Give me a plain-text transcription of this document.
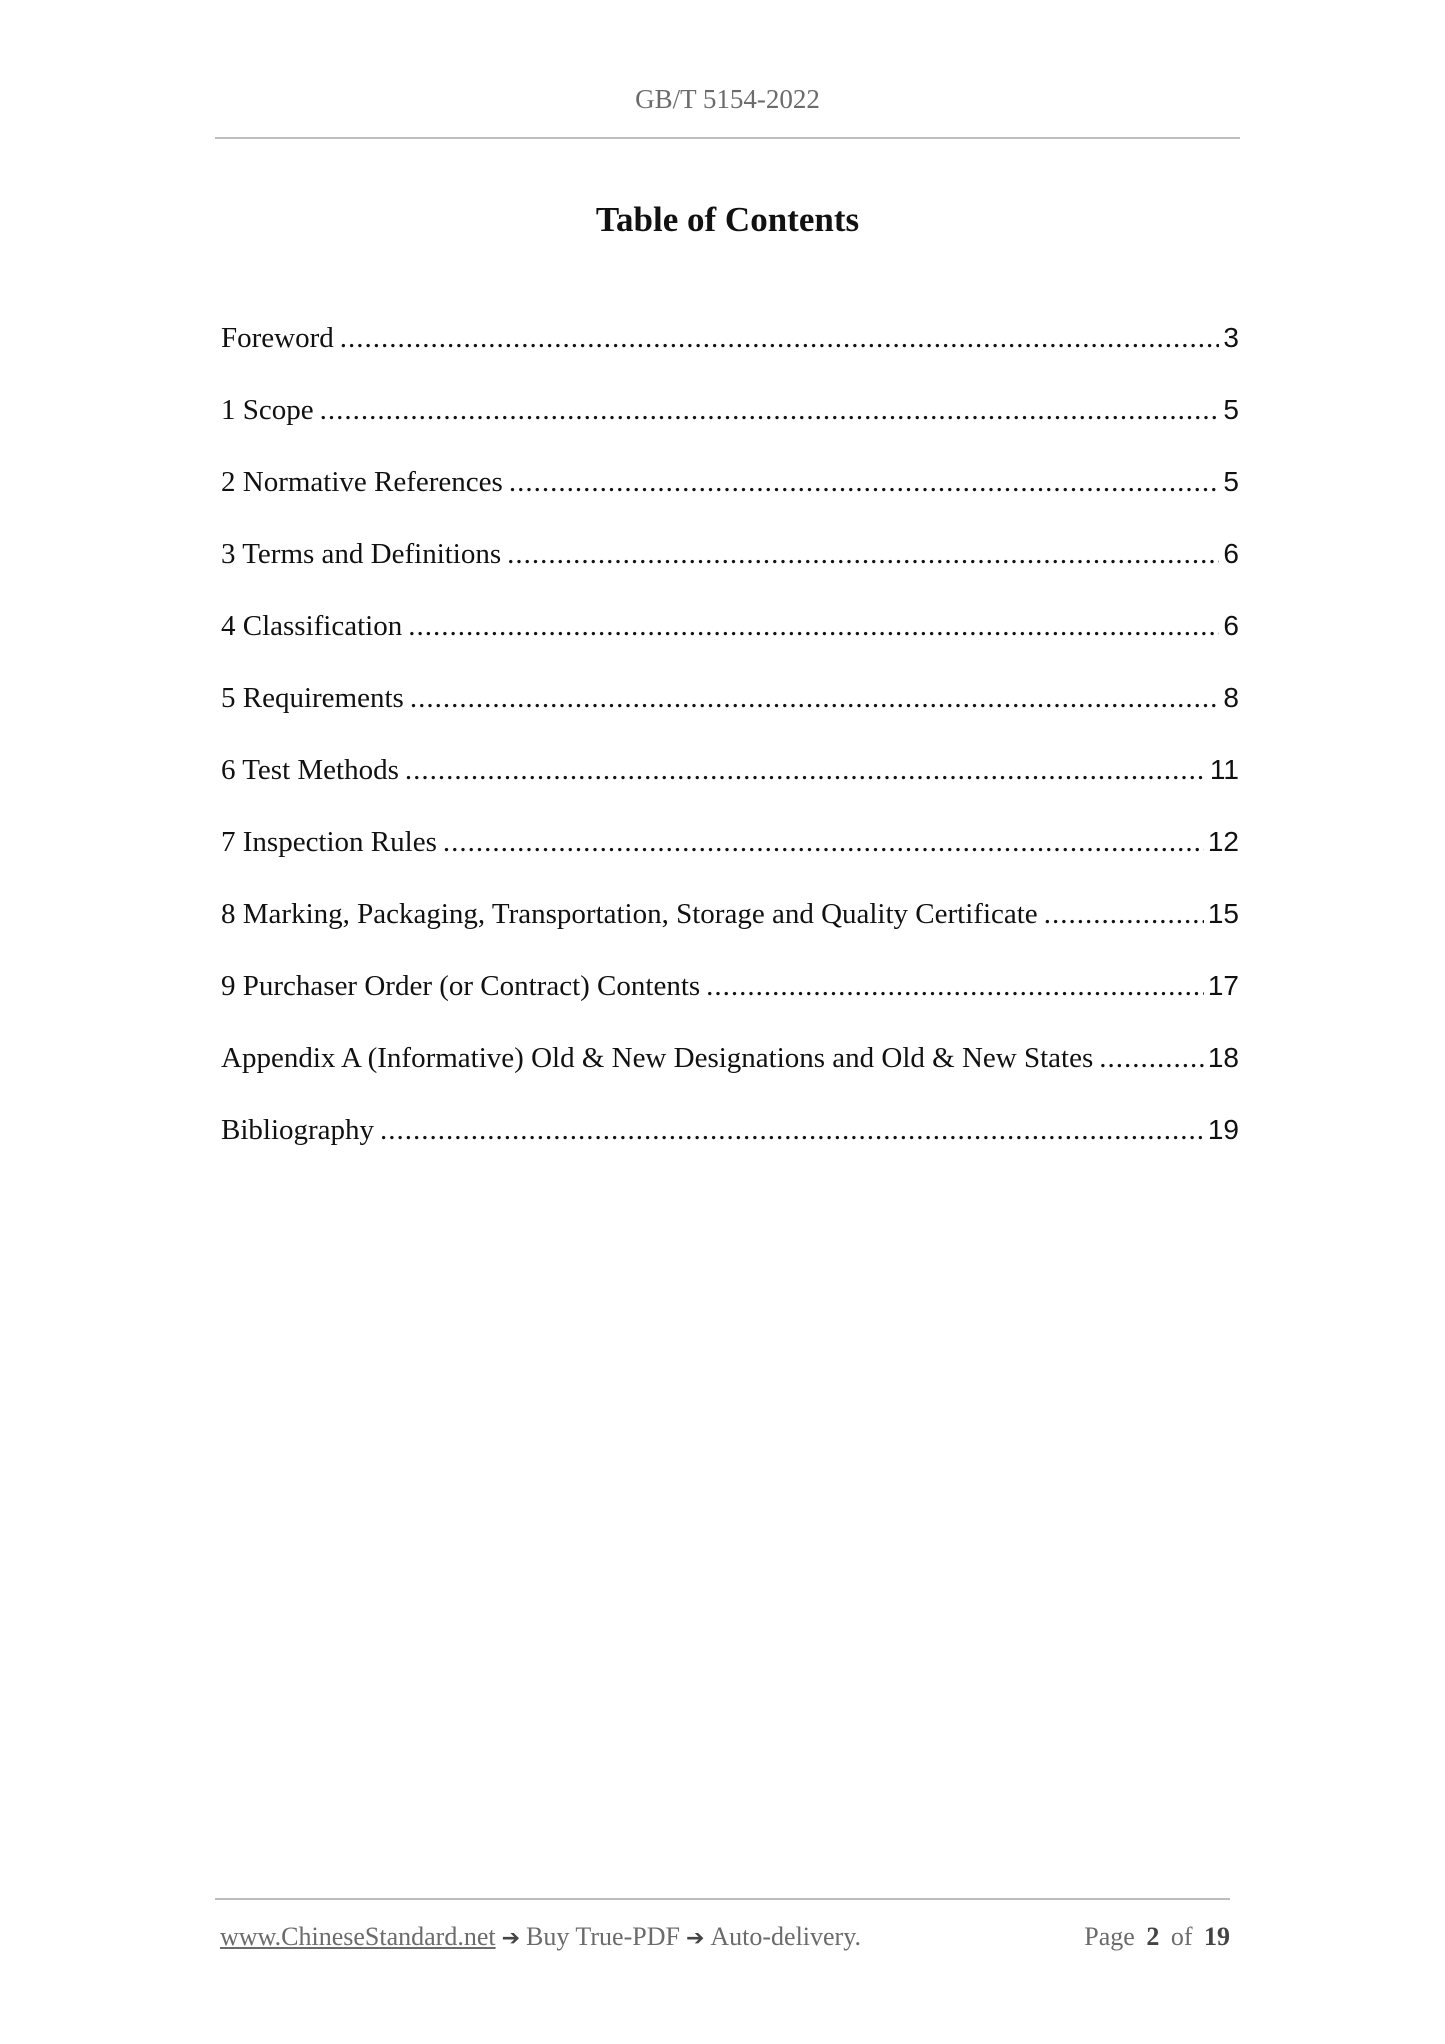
GB/T 5154-2022
Table of Contents
Foreword .....	3
1 Scope .....	5
2 Normative References .....	5
3 Terms and Definitions .....	6
4 Classification .....	6
5 Requirements .....	8
6 Test Methods .....	11
7 Inspection Rules .....	12
8 Marking, Packaging, Transportation, Storage and Quality Certificate .....	15
9 Purchaser Order (or Contract) Contents .....	17
Appendix A (Informative) Old & New Designations and Old & New States .....	18
Bibliography .....	19
www.ChineseStandard.net ➔ Buy True-PDF ➔ Auto-delivery.	Page 2 of 19
